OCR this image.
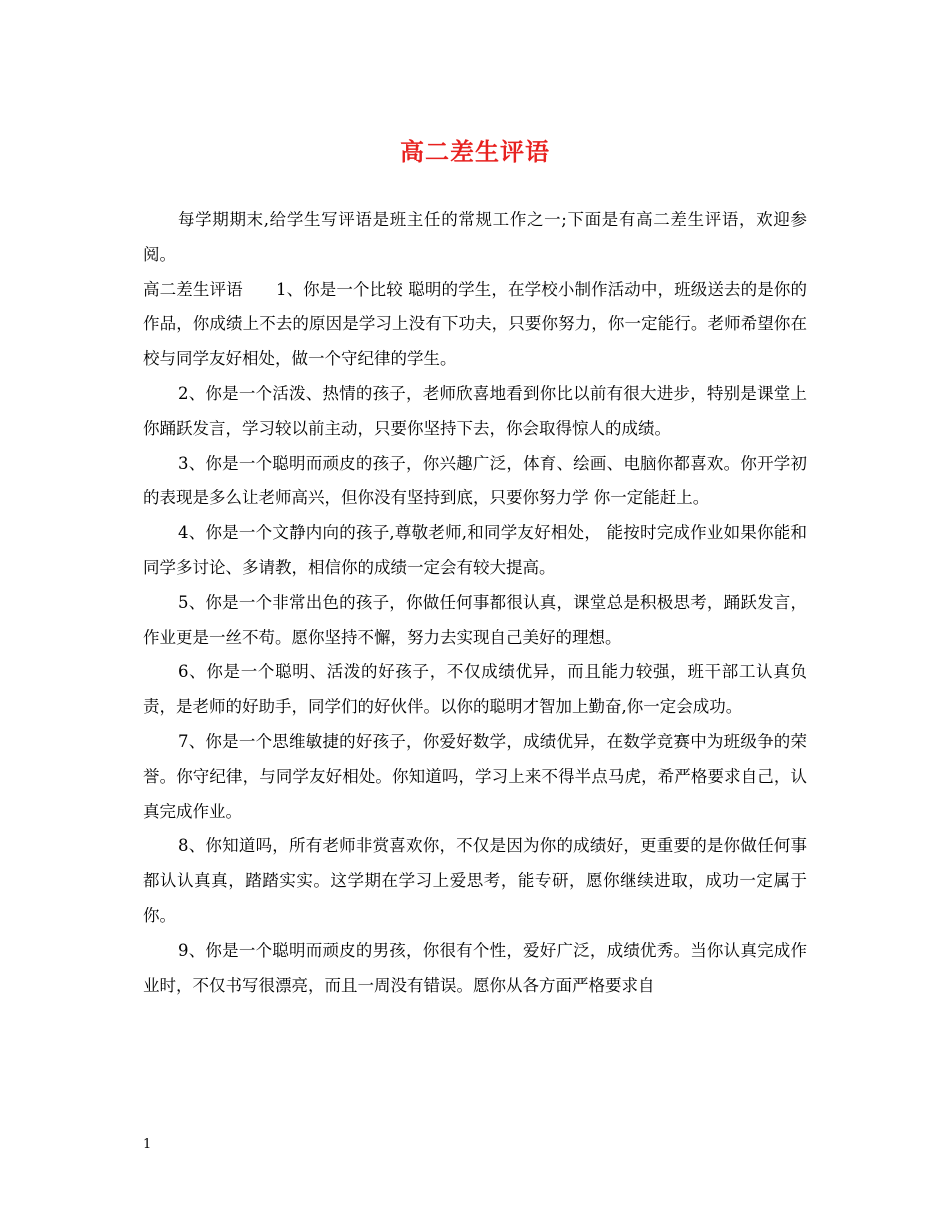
高二差生评语

每学期期末,给学生写评语是班主任的常规工作之一;下面是有高二差生评语，欢迎参阅。

高二差生评语　　1、你是一个比较 聪明的学生，在学校小制作活动中，班级送去的是你的作品，你成绩上不去的原因是学习上没有下功夫，只要你努力，你一定能行。老师希望你在校与同学友好相处，做一个守纪律的学生。

2、你是一个活泼、热情的孩子，老师欣喜地看到你比以前有很大进步，特别是课堂上你踊跃发言，学习较以前主动，只要你坚持下去，你会取得惊人的成绩。

3、你是一个聪明而顽皮的孩子，你兴趣广泛，体育、绘画、电脑你都喜欢。你开学初的表现是多么让老师高兴，但你没有坚持到底，只要你努力学 你一定能赶上。

4、你是一个文静内向的孩子,尊敬老师,和同学友好相处， 能按时完成作业如果你能和同学多讨论、多请教，相信你的成绩一定会有较大提高。

5、你是一个非常出色的孩子，你做任何事都很认真，课堂总是积极思考，踊跃发言，作业更是一丝不苟。愿你坚持不懈，努力去实现自己美好的理想。

6、你是一个聪明、活泼的好孩子，不仅成绩优异，而且能力较强，班干部工认真负责，是老师的好助手，同学们的好伙伴。以你的聪明才智加上勤奋,你一定会成功。

7、你是一个思维敏捷的好孩子，你爱好数学，成绩优异，在数学竞赛中为班级争的荣誉。你守纪律，与同学友好相处。你知道吗，学习上来不得半点马虎，希严格要求自己，认真完成作业。

8、你知道吗，所有老师非赏喜欢你，不仅是因为你的成绩好，更重要的是你做任何事都认认真真，踏踏实实。这学期在学习上爱思考，能专研，愿你继续进取，成功一定属于你。

9、你是一个聪明而顽皮的男孩，你很有个性，爱好广泛，成绩优秀。当你认真完成作业时，不仅书写很漂亮，而且一周没有错误。愿你从各方面严格要求自

1
